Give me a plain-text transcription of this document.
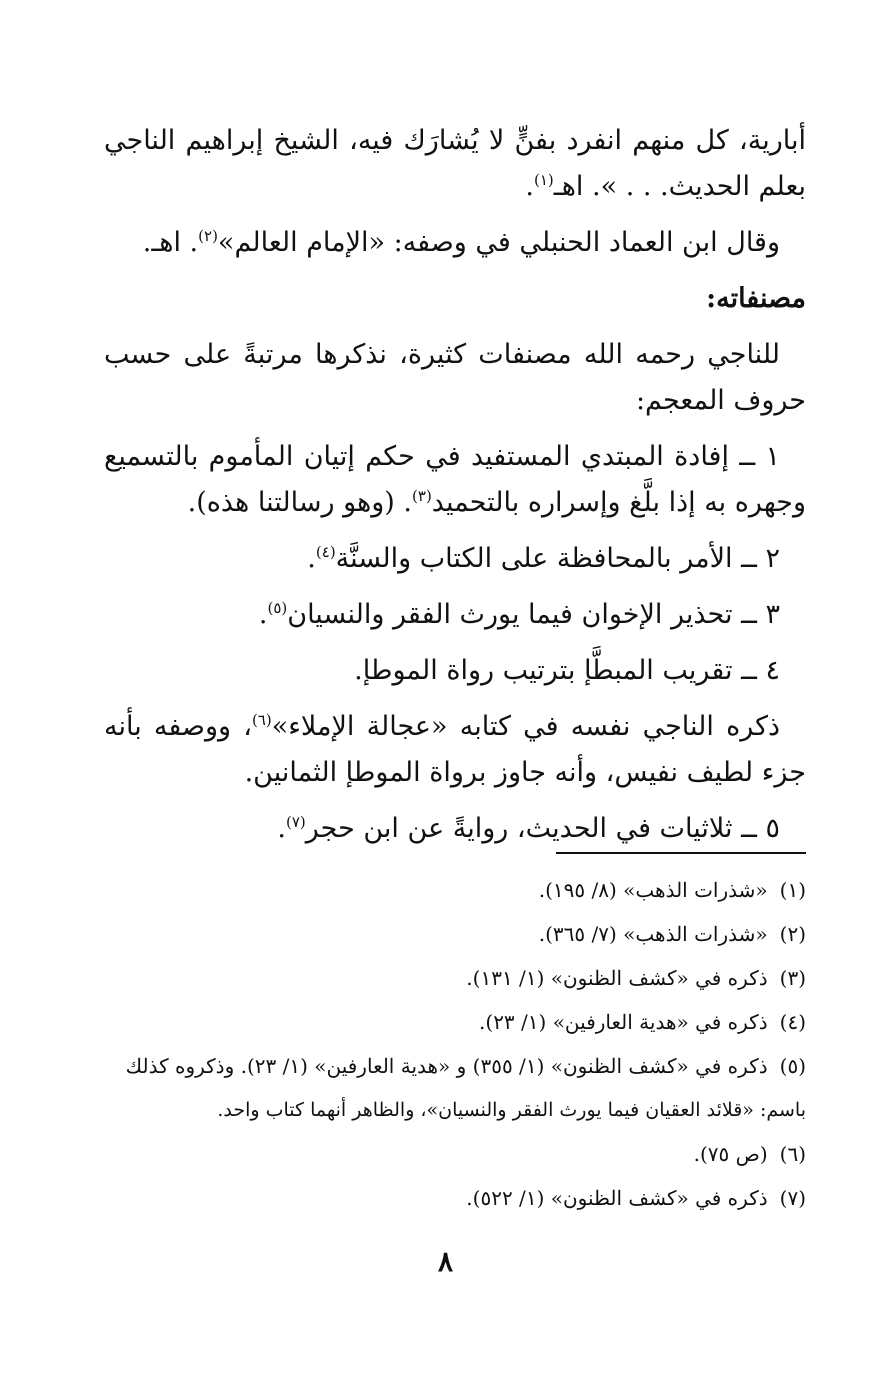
أبارية، كل منهم انفرد بفنٍّ لا يُشارَك فيه، الشيخ إبراهيم الناجي بعلم الحديث. . . ». اهـ$^{(١)}$.

وقال ابن العماد الحنبلي في وصفه: «الإمام العالم»$^{(٢)}$. اهـ.

مصنفاته:

للناجي رحمه الله مصنفات كثيرة، نذكرها مرتبةً على حسب حروف المعجم:

١ ــ إفادة المبتدي المستفيد في حكم إتيان المأموم بالتسميع وجهره به إذا بلَّغ وإسراره بالتحميد$^{(٣)}$. (وهو رسالتنا هذه).

٢ ــ الأمر بالمحافظة على الكتاب والسنَّة$^{(٤)}$.

٣ ــ تحذير الإخوان فيما يورث الفقر والنسيان$^{(٥)}$.

٤ ــ تقريب المبطَّإ بترتيب رواة الموطإ.

ذكره الناجي نفسه في كتابه «عجالة الإملاء»$^{(٦)}$، ووصفه بأنه جزء لطيف نفيس، وأنه جاوز برواة الموطإ الثمانين.

٥ ــ ثلاثيات في الحديث، روايةً عن ابن حجر$^{(٧)}$.

(١)
«شذرات الذهب» (٨/ ١٩٥).
(٢)
«شذرات الذهب» (٧/ ٣٦٥).
(٣)
ذكره في «كشف الظنون» (١/ ١٣١).
(٤)
ذكره في «هدية العارفين» (١/ ٢٣).
(٥)
ذكره في «كشف الظنون» (١/ ٣٥٥) و «هدية العارفين» (١/ ٢٣). وذكروه كذلك

باسم: «قلائد العقيان فيما يورث الفقر والنسيان»، والظاهر أنهما كتاب واحد.

(٦)
(ص ٧٥).
(٧)
ذكره في «كشف الظنون» (١/ ٥٢٢).
٨
